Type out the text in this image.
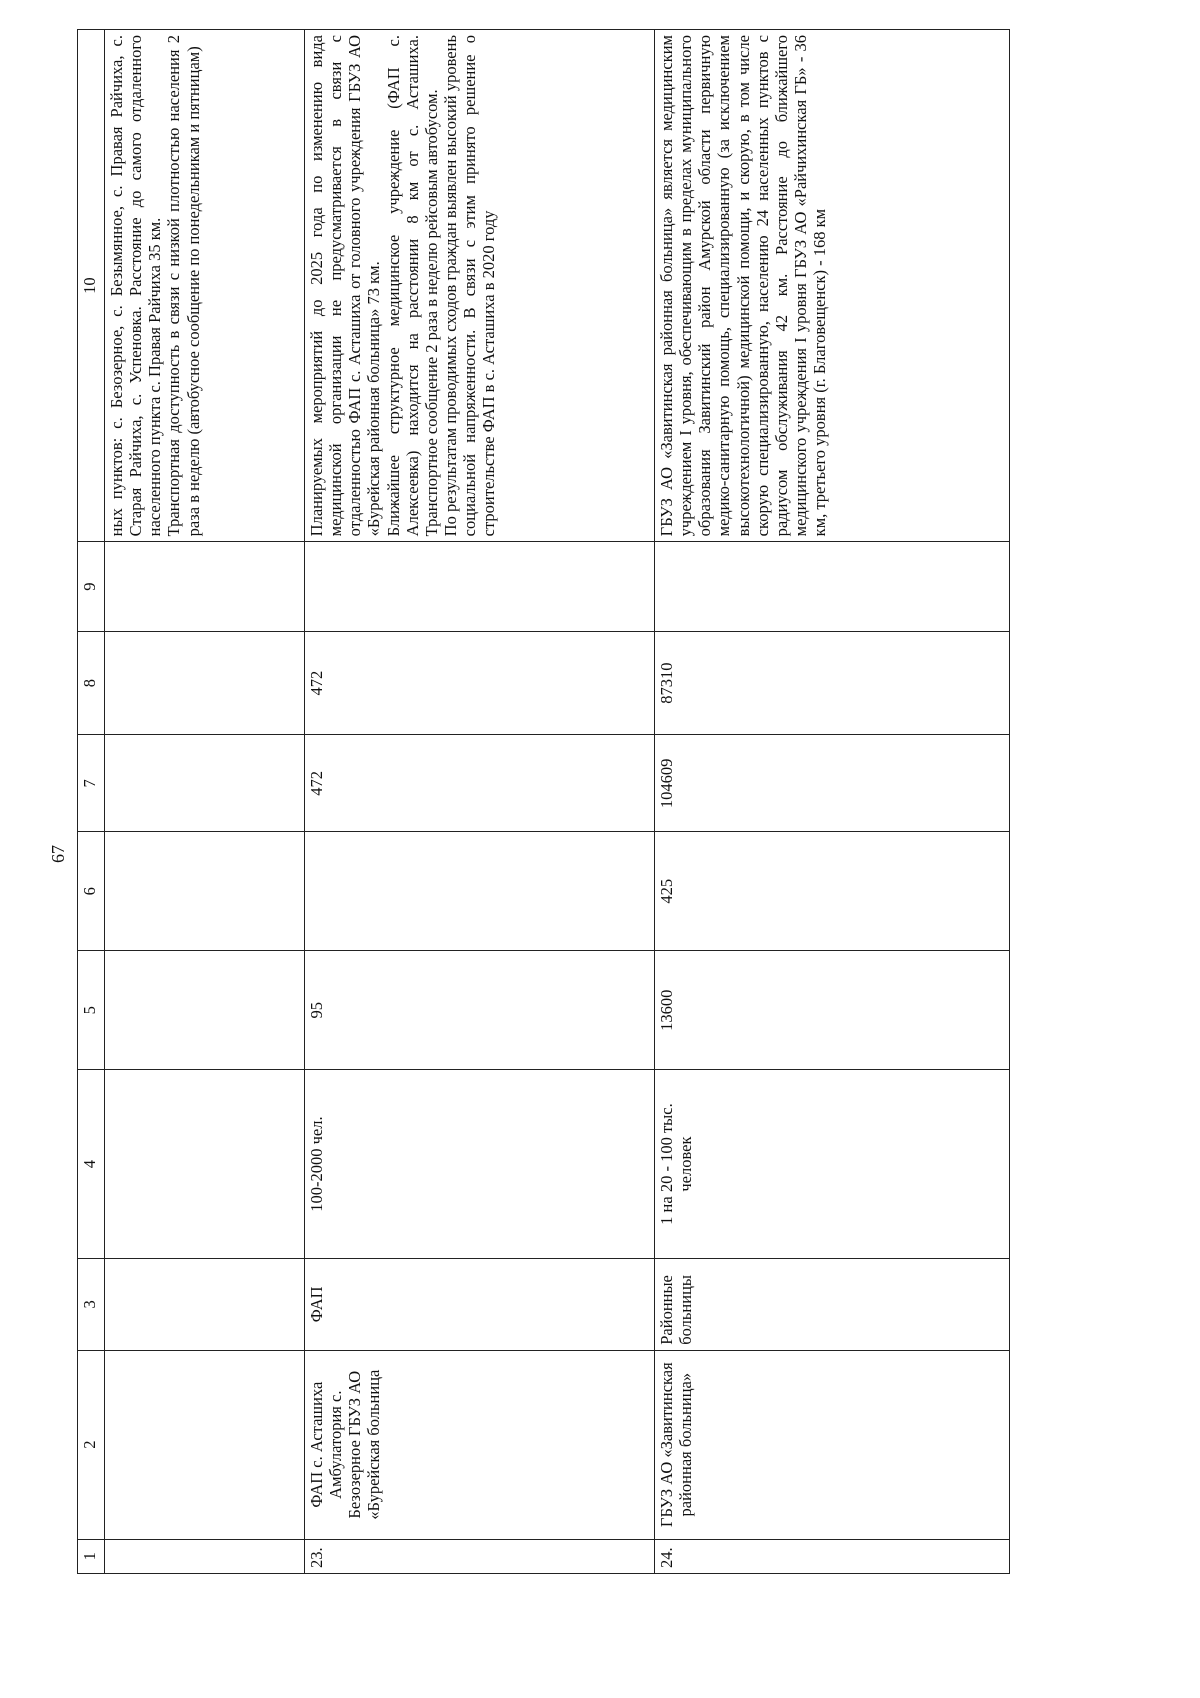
67
1	2	3	4	5	6	7	8	9	10

									ных пунктов: с. Безозерное, с. Безымянное, с. Правая Райчиха, с. Старая Райчиха, с. Успеновка. Расстояние до самого отдаленного населенного пункта с. Правая Райчиха 35 км. Транспортная доступность в связи с низкой плотностью населения 2 раза в неделю (автобусное сообщение по понедельникам и пятницам)

23.	ФАП с. Асташиха Амбулатория с. Безозерное ГБУЗ АО «Бурейская больница	ФАП	100-2000 чел.	95		472	472		Планируемых мероприятий до 2025 года по изменению вида медицинской организации не предусматривается в связи с отдаленностью ФАП с. Асташиха от головного учреждения ГБУЗ АО «Бурейская районная больница» 73 км. Ближайшее структурное медицинское учреждение (ФАП с. Алексеевка) находится на расстоянии 8 км от с. Асташиха. Транспортное сообщение 2 раза в неделю рейсовым автобусом. По результатам проводимых сходов граждан выявлен высокий уровень социальной напряженности. В связи с этим принято решение о строительстве ФАП в с. Асташиха в 2020 году

24.	ГБУЗ АО «Завитинская районная больница»	Районные больницы	1 на 20 - 100 тыс. человек	13600	425	104609	87310		ГБУЗ АО «Завитинская районная больница» является медицинским учреждением I уровня, обеспечивающим в пределах муниципального образования Завитинский район Амурской области первичную медико-санитарную помощь, специализированную (за исключением высокотехнологичной) медицинской помощи, и скорую, в том числе скорую специализированную, населению 24 населенных пунктов с радиусом обслуживания 42 км. Расстояние до ближайшего медицинского учреждения I уровня ГБУЗ АО «Райчихинская ГБ» - 36 км, третьего уровня (г. Благовещенск) - 168 км
